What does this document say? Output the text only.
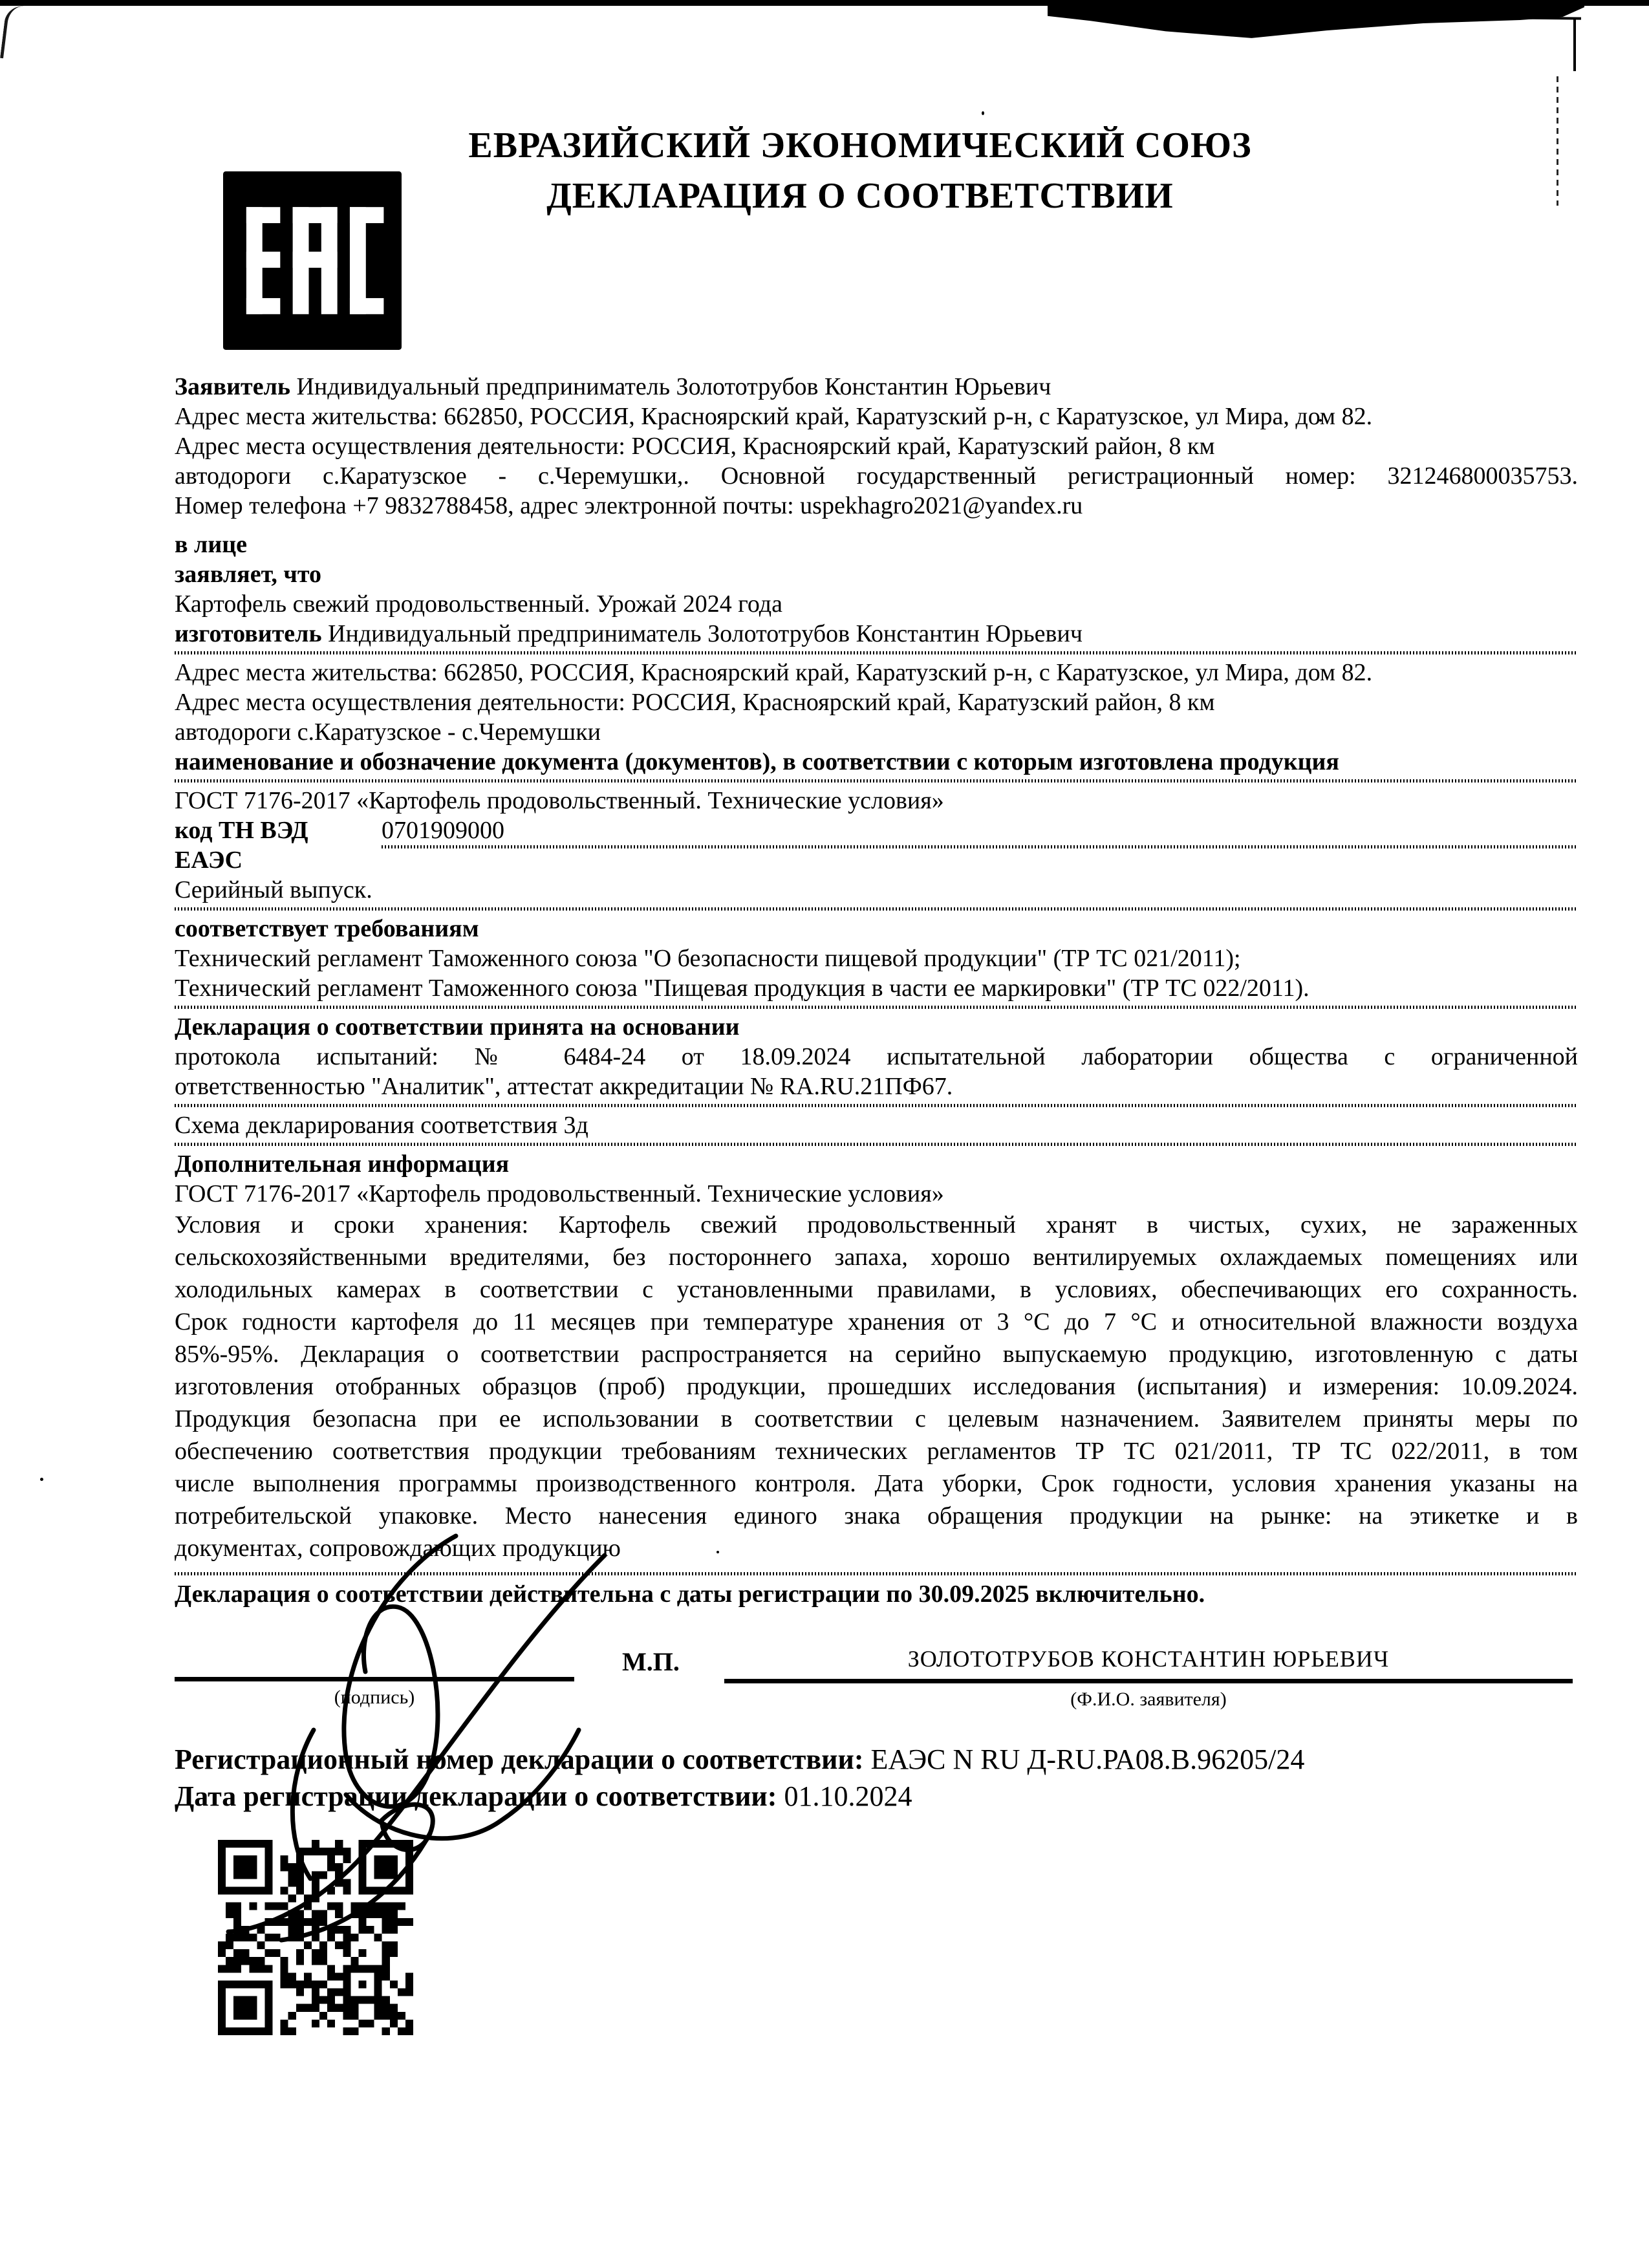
ЕВРАЗИЙСКИЙ ЭКОНОМИЧЕСКИЙ СОЮЗ
ДЕКЛАРАЦИЯ О СООТВЕТСТВИИ
Заявитель Индивидуальный предприниматель Золототрубов Константин Юрьевич
Адрес места жительства: 662850, РОССИЯ, Красноярский край, Каратузский р-н, с Каратузское, ул Мира, дом 82.
Адрес места осуществления деятельности: РОССИЯ, Красноярский край, Каратузский район, 8 км
автодороги с.Каратузское - с.Черемушки,. Основной государственный регистрационный номер: 321246800035753.
Номер телефона +7 9832788458, адрес электронной почты: uspekhagro2021@yandex.ru
в лице
заявляет, что
Картофель свежий продовольственный. Урожай 2024 года
изготовитель Индивидуальный предприниматель Золототрубов Константин Юрьевич
Адрес места жительства: 662850, РОССИЯ, Красноярский край, Каратузский р-н, с Каратузское, ул Мира, дом 82.
Адрес места осуществления деятельности: РОССИЯ, Красноярский край, Каратузский район, 8 км
автодороги с.Каратузское - с.Черемушки
наименование и обозначение документа (документов), в соответствии с которым изготовлена продукция
ГОСТ 7176-2017 «Картофель продовольственный. Технические условия»
код ТН ВЭД ЕАЭС
0701909000
Серийный выпуск.
соответствует требованиям
Технический регламент Таможенного союза "О безопасности пищевой продукции" (ТР ТС 021/2011);
Технический регламент Таможенного союза "Пищевая продукция в части ее маркировки" (ТР ТС 022/2011).
Декларация о соответствии принята на основании
протокола испытаний: № 6484-24 от 18.09.2024 испытательной лаборатории общества с ограниченной
ответственностью "Аналитик", аттестат аккредитации № RA.RU.21ПФ67.
Схема декларирования соответствия 3д
Дополнительная информация
ГОСТ 7176-2017 «Картофель продовольственный. Технические условия»
Условия и сроки хранения: Картофель свежий продовольственный хранят в чистых, сухих, не зараженных
сельскохозяйственными вредителями, без постороннего запаха, хорошо вентилируемых охлаждаемых помещениях или
холодильных камерах в соответствии с установленными правилами, в условиях, обеспечивающих его сохранность.
Срок годности картофеля до 11 месяцев при температуре хранения от 3 °С до 7 °С и относительной влажности воздуха
85%-95%. Декларация о соответствии распространяется на серийно выпускаемую продукцию, изготовленную с даты
изготовления отобранных образцов (проб) продукции, прошедших исследования (испытания) и измерения: 10.09.2024.
Продукция безопасна при ее использовании в соответствии с целевым назначением. Заявителем приняты меры по
обеспечению соответствия продукции требованиям технических регламентов ТР ТС 021/2011, ТР ТС 022/2011, в том
числе выполнения программы производственного контроля. Дата уборки, Срок годности, условия хранения указаны на
потребительской упаковке. Место нанесения единого знака обращения продукции на рынке: на этикетке и в
документах, сопровождающих продукцию
Декларация о соответствии действительна с даты регистрации по 30.09.2025 включительно.
(подпись)
М.П.	ЗОЛОТОТРУБОВ КОНСТАНТИН ЮРЬЕВИЧ
(Ф.И.О. заявителя)
Регистрационный номер декларации о соответствии: ЕАЭС N RU Д-RU.РА08.В.96205/24
Дата регистрации декларации о соответствии: 01.10.2024
